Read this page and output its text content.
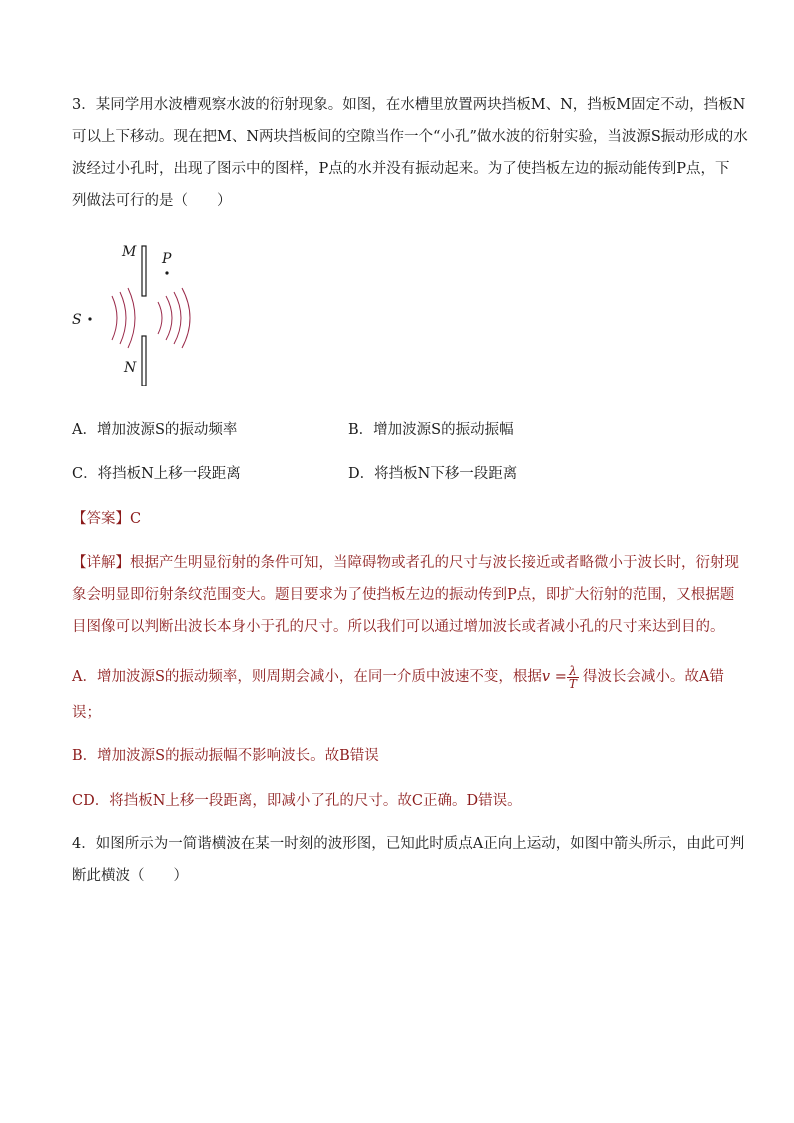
3．某同学用水波槽观察水波的衍射现象。如图，在水槽里放置两块挡板M、N，挡板M固定不动，挡板N
可以上下移动。现在把M、N两块挡板间的空隙当作一个“小孔”做水波的衍射实验，当波源S振动形成的水
波经过小孔时，出现了图示中的图样，P点的水并没有振动起来。为了使挡板左边的振动能传到P点，下
列做法可行的是（　　）
M
N
P
S
A．增加波源S的振动频率	B．增加波源S的振动振幅
C．将挡板N上移一段距离	D．将挡板N下移一段距离
【答案】C
【详解】根据产生明显衍射的条件可知，当障碍物或者孔的尺寸与波长接近或者略微小于波长时，衍射现
象会明显即衍射条纹范围变大。题目要求为了使挡板左边的振动传到P点，即扩大衍射的范围，又根据题
目图像可以判断出波长本身小于孔的尺寸。所以我们可以通过增加波长或者减小孔的尺寸来达到目的。
A．增加波源S的振动频率，则周期会减小，在同一介质中波速不变，根据$v = \frac{\lambda}{T}$ 得波长会减小。故A错
误；
B．增加波源S的振动振幅不影响波长。故B错误
CD．将挡板N上移一段距离，即减小了孔的尺寸。故C正确。D错误。
4．如图所示为一简谐横波在某一时刻的波形图，已知此时质点A正向上运动，如图中箭头所示，由此可判
断此横波（　　）
